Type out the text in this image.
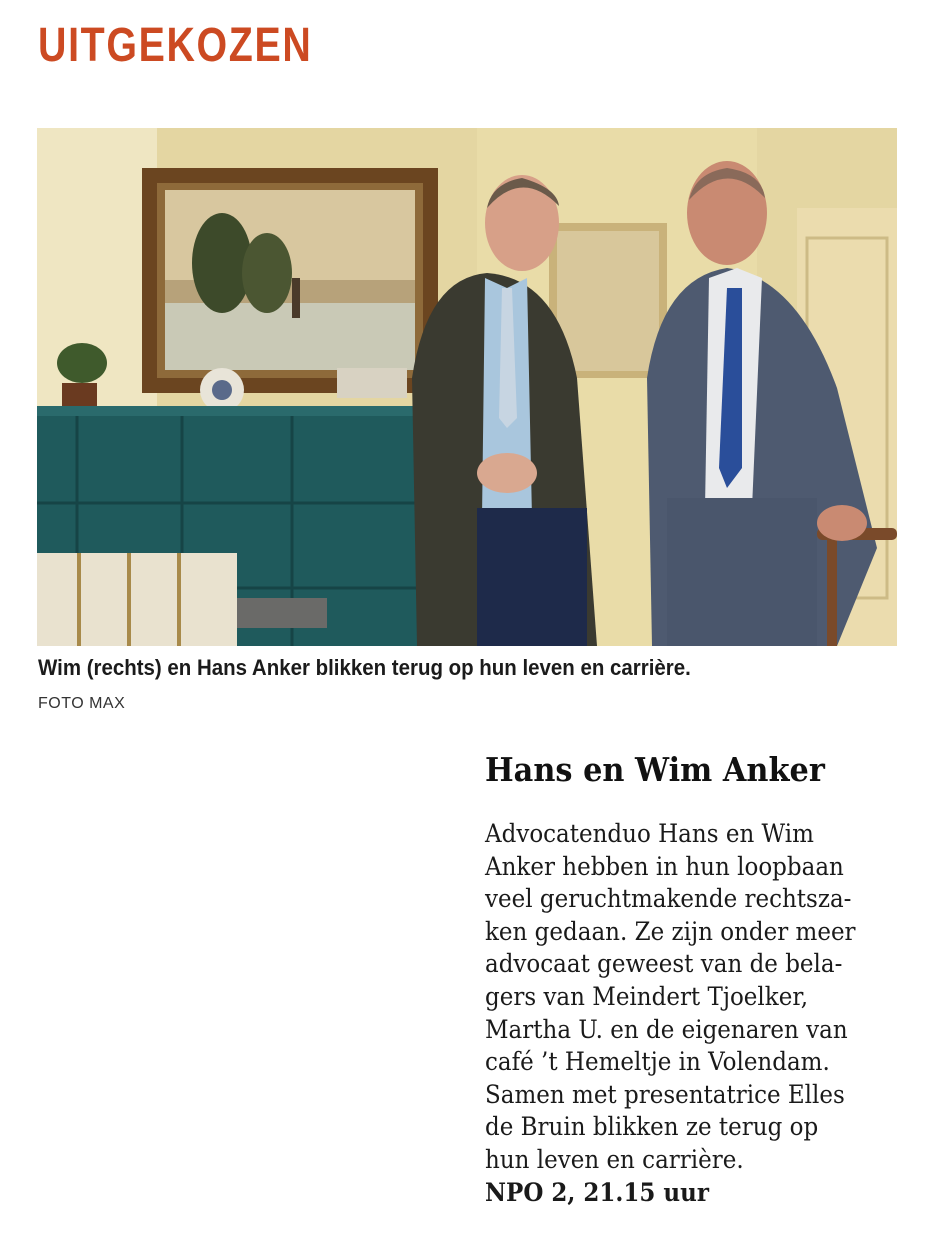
UITGEKOZEN

Wim (rechts) en Hans Anker blikken terug op hun leven en carrière.

FOTO MAX

Hans en Wim Anker
Advocatenduo Hans en Wim
Anker hebben in hun loopbaan
veel geruchtmakende rechtsza-
ken gedaan. Ze zijn onder meer
advocaat geweest van de bela-
gers van Meindert Tjoelker,
Martha U. en de eigenaren van
café ’t Hemeltje in Volendam.
Samen met presentatrice Elles
de Bruin blikken ze terug op
hun leven en carrière.
NPO 2, 21.15 uur
